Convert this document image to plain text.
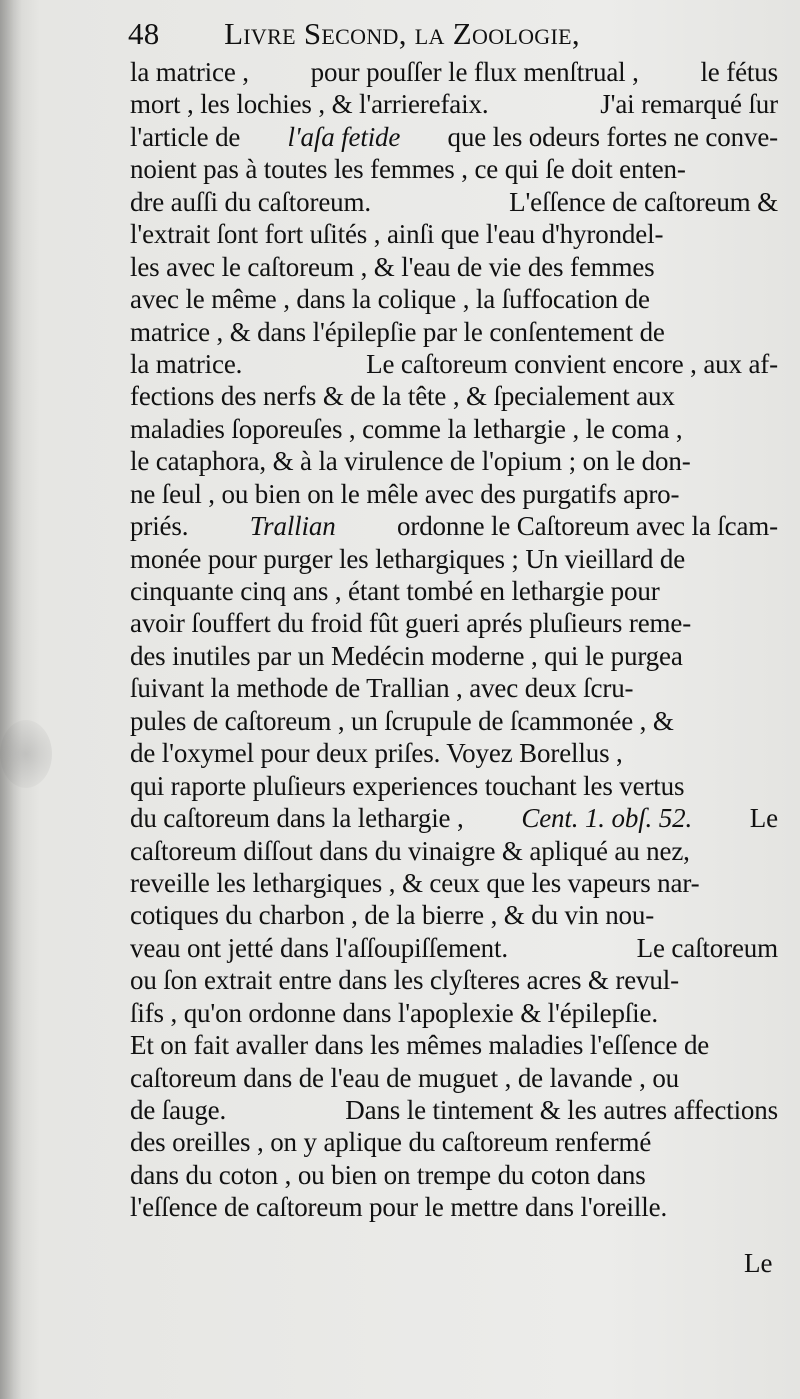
48 Livre Second, la Zoologie,
la matrice , pour pouſſer le flux menſtrual , le fétus
mort , les lochies , & l'arrierefaix.	J'ai remarqué ſur
l'article de l'aſa fetide que les odeurs fortes ne conve-
noient pas à toutes les femmes , ce qui ſe doit enten-
dre auſſi du caſtoreum.	L'eſſence de caſtoreum &
l'extrait ſont fort uſités , ainſi que l'eau d'hyrondel-
les avec le caſtoreum , & l'eau de vie des femmes
avec le même , dans la colique , la ſuffocation de
matrice , & dans l'épilepſie par le conſentement de
la matrice.	Le caſtoreum convient encore , aux af-
fections des nerfs & de la tête , & ſpecialement aux
maladies ſoporeuſes , comme la lethargie , le coma ,
le cataphora, & à la virulence de l'opium ; on le don-
ne ſeul , ou bien on le mêle avec des purgatifs apro-
priés. Trallian ordonne le Caſtoreum avec la ſcam-
monée pour purger les lethargiques ; Un vieillard de
cinquante cinq ans , étant tombé en lethargie pour
avoir ſouffert du froid fût gueri aprés pluſieurs reme-
des inutiles par un Medécin moderne , qui le purgea
ſuivant la methode de Trallian , avec deux ſcru-
pules de caſtoreum , un ſcrupule de ſcammonée , &
de l'oxymel pour deux priſes. Voyez Borellus ,
qui raporte pluſieurs experiences touchant les vertus
du caſtoreum dans la lethargie , Cent. 1. obſ. 52. Le
caſtoreum diſſout dans du vinaigre & apliqué au nez,
reveille les lethargiques , & ceux que les vapeurs nar-
cotiques du charbon , de la bierre , & du vin nou-
veau ont jetté dans l'aſſoupiſſement.	Le caſtoreum
ou ſon extrait entre dans les clyſteres acres & revul-
ſifs , qu'on ordonne dans l'apoplexie & l'épilepſie.
Et on fait avaller dans les mêmes maladies l'eſſence de
caſtoreum dans de l'eau de muguet , de lavande , ou
de ſauge.	Dans le tintement & les autres affections
des oreilles , on y aplique du caſtoreum renfermé
dans du coton , ou bien on trempe du coton dans
l'eſſence de caſtoreum pour le mettre dans l'oreille.
Le
